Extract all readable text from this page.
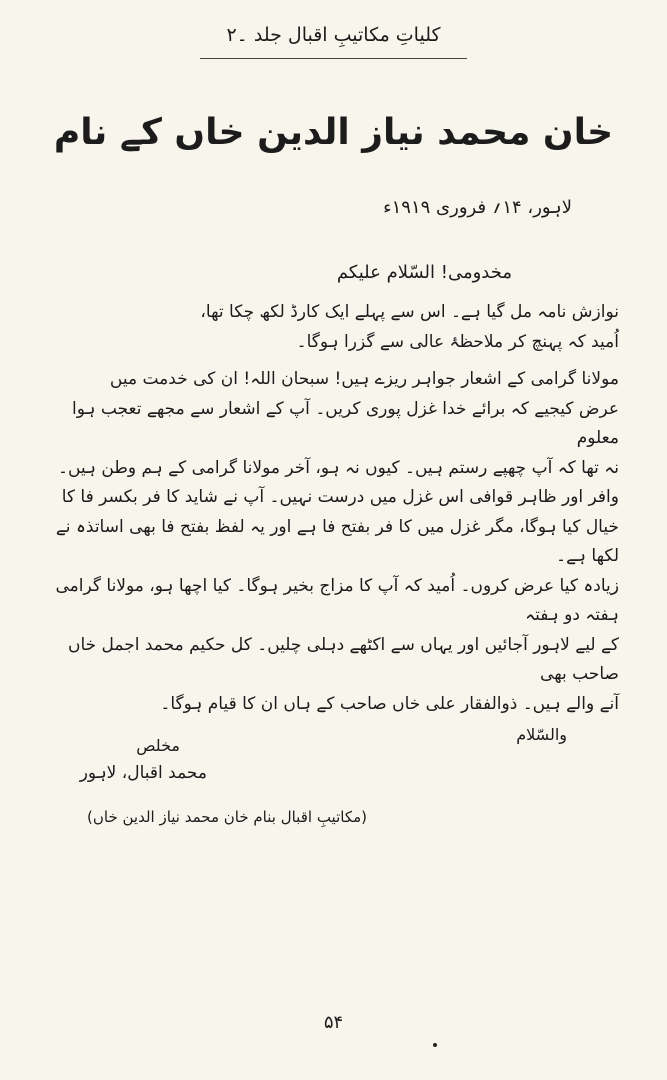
کلیاتِ مکاتیبِ اقبال جلد ۔۲
خان محمد نیاز الدین خاں کے نام
لاہور، ۱۴؍ فروری ۱۹۱۹ء
مخدومی! السّلام علیکم

نوازش نامہ مل گیا ہے۔ اس سے پہلے ایک کارڈ لکھ چکا تھا،

اُمید کہ پہنچ کر ملاحظۂ عالی سے گزرا ہوگا۔

مولانا گرامی کے اشعار جواہر ریزے ہیں! سبحان اللہ! ان کی خدمت میں

عرض کیجیے کہ برائے خدا غزل پوری کریں۔ آپ کے اشعار سے مجھے تعجب ہوا معلوم

نہ تھا کہ آپ چھپے رستم ہیں۔ کیوں نہ ہو، آخر مولانا گرامی کے ہم وطن ہیں۔

وافر اور ظاہر قوافی اس غزل میں درست نہیں۔ آپ نے شاید کا فر بکسر فا کا

خیال کیا ہوگا، مگر غزل میں کا فر بفتح فا ہے اور یہ لفظ بفتح فا بھی اساتذہ نے لکھا ہے۔

زیادہ کیا عرض کروں۔ اُمید کہ آپ کا مزاج بخیر ہوگا۔ کیا اچھا ہو، مولانا گرامی ہفتہ دو ہفتہ

کے لیے لاہور آجائیں اور یہاں سے اکٹھے دہلی چلیں۔ کل حکیم محمد اجمل خاں صاحب بھی

آنے والے ہیں۔ ذوالفقار علی خاں صاحب کے ہاں ان کا قیام ہوگا۔

والسّلام
مخلص
محمد اقبال، لاہور
(مکاتیبِ اقبال بنام خان محمد نیاز الدین خاں)
۵۴
